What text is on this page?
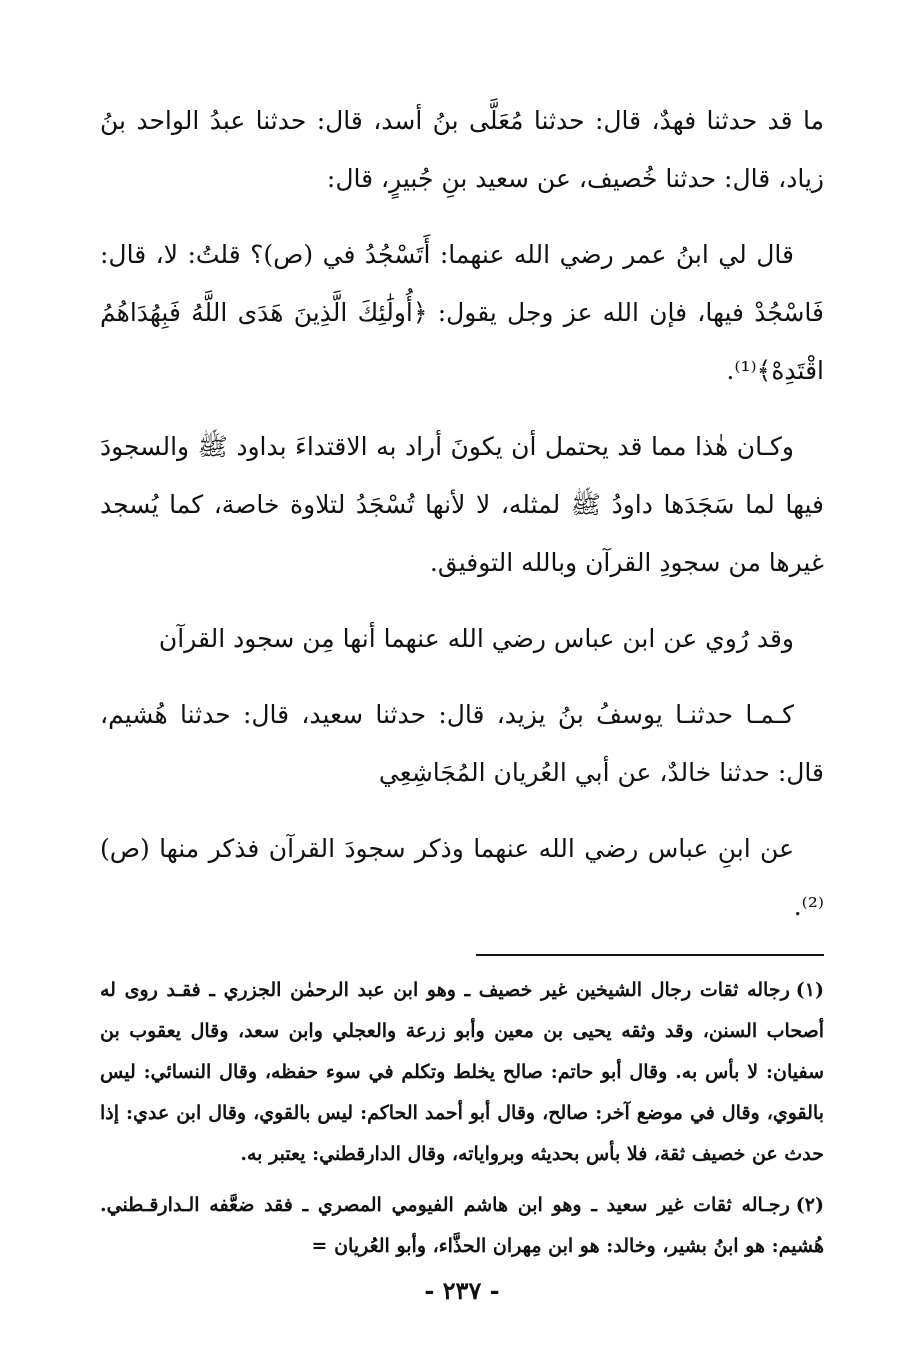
ما قد حدثنا فهدٌ، قال: حدثنا مُعَلَّى بنُ أسد، قال: حدثنا عبدُ الواحد بنُ زياد، قال: حدثنا خُصيف، عن سعيد بنِ جُبيرٍ، قال:

قال لي ابنُ عمر رضي الله عنهما: أَتَسْجُدُ في (ص)؟ قلتُ: لا، قال: فَاسْجُدْ فيها، فإن الله عز وجل يقول: ﴿أُولَٰئِكَ الَّذِينَ هَدَى اللَّهُ فَبِهُدَاهُمُ اقْتَدِهْ﴾⁽¹⁾.

وكـان هٰذا مما قد يحتمل أن يكونَ أراد به الاقتداءَ بداود ﷺ والسجودَ فيها لما سَجَدَها داودُ ﷺ لمثله، لا لأنها تُسْجَدُ لتلاوة خاصة، كما يُسجد غيرها من سجودِ القرآن وبالله التوفيق.

وقد رُوي عن ابن عباس رضي الله عنهما أنها مِن سجود القرآن

كـمـا حدثنـا يوسفُ بنُ يزيد، قال: حدثنا سعيد، قال: حدثنا هُشيم، قال: حدثنا خالدٌ، عن أبي العُريان المُجَاشِعِي

عن ابنِ عباس رضي الله عنهما وذكر سجودَ القرآن فذكر منها (ص)⁽²⁾.

(١)رجاله ثقات رجال الشيخين غير خصيف ـ وهو ابن عبد الرحمٰن الجزري ـ فقـد روى له أصحاب السنن، وقد وثقه يحيى بن معين وأبو زرعة والعجلي وابن سعد، وقال يعقوب بن سفيان: لا بأس به. وقال أبو حاتم: صالح يخلط وتكلم في سوء حفظه، وقال النسائي: ليس بالقوي، وقال في موضع آخر: صالح، وقال أبو أحمد الحاكم: ليس بالقوي، وقال ابن عدي: إذا حدث عن خصيف ثقة، فلا بأس بحديثه وبرواياته، وقال الدارقطني: يعتبر به.

(٢)رجـاله ثقات غير سعيد ـ وهو ابن هاشم الفيومي المصري ـ فقد ضعَّفه الـدارقـطني. هُشيم: هو ابنُ بشير، وخالد: هو ابن مِهران الحذَّاء، وأبو العُريان =

- ٢٣٧ -
